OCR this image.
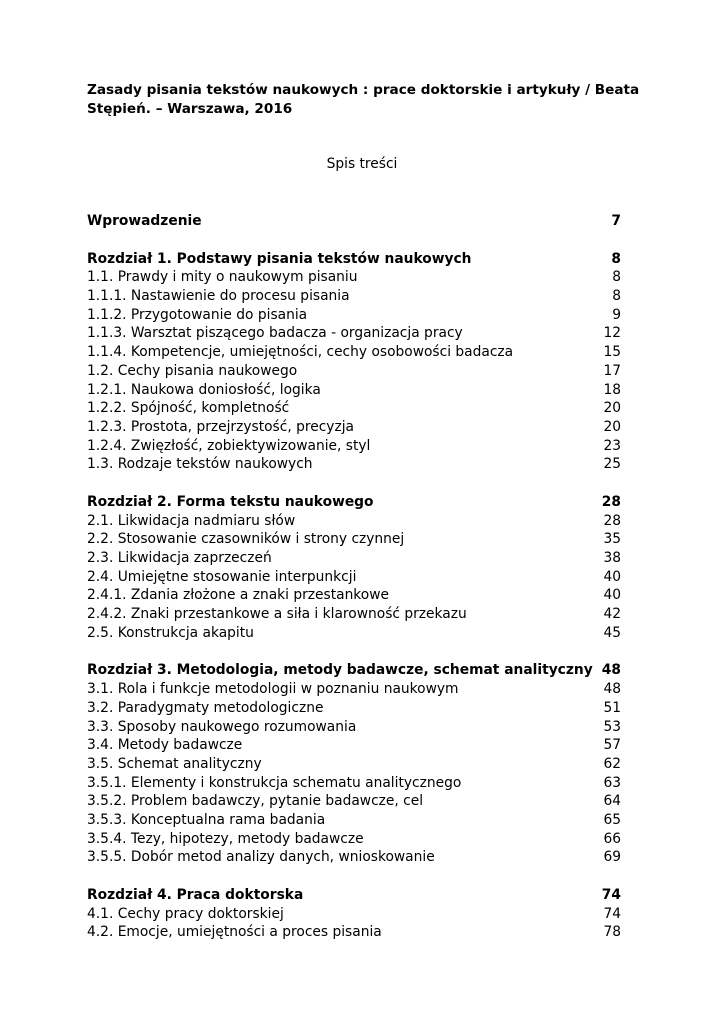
Zasady pisania tekstów naukowych : prace doktorskie i artykuły / Beata Stępień. – Warszawa, 2016
Spis treści
Wprowadzenie	7
Rozdział 1. Podstawy pisania tekstów naukowych	8
1.1. Prawdy i mity o naukowym pisaniu	8
1.1.1. Nastawienie do procesu pisania	8
1.1.2. Przygotowanie do pisania	9
1.1.3. Warsztat piszącego badacza - organizacja pracy	12
1.1.4. Kompetencje, umiejętności, cechy osobowości badacza	15
1.2. Cechy pisania naukowego	17
1.2.1. Naukowa doniosłość, logika	18
1.2.2. Spójność, kompletność	20
1.2.3. Prostota, przejrzystość, precyzja	20
1.2.4. Zwięzłość, zobiektywizowanie, styl	23
1.3. Rodzaje tekstów naukowych	25
Rozdział 2. Forma tekstu naukowego	28
2.1. Likwidacja nadmiaru słów	28
2.2. Stosowanie czasowników i strony czynnej	35
2.3. Likwidacja zaprzeczeń	38
2.4. Umiejętne stosowanie interpunkcji	40
2.4.1. Zdania złożone a znaki przestankowe	40
2.4.2. Znaki przestankowe a siła i klarowność przekazu	42
2.5. Konstrukcja akapitu	45
Rozdział 3. Metodologia, metody badawcze, schemat analityczny 48
3.1. Rola i funkcje metodologii w poznaniu naukowym	48
3.2. Paradygmaty metodologiczne	51
3.3. Sposoby naukowego rozumowania	53
3.4. Metody badawcze	57
3.5. Schemat analityczny	62
3.5.1. Elementy i konstrukcja schematu analitycznego	63
3.5.2. Problem badawczy, pytanie badawcze, cel	64
3.5.3. Konceptualna rama badania	65
3.5.4. Tezy, hipotezy, metody badawcze	66
3.5.5. Dobór metod analizy danych, wnioskowanie	69
Rozdział 4. Praca doktorska	74
4.1. Cechy pracy doktorskiej	74
4.2. Emocje, umiejętności a proces pisania	78
